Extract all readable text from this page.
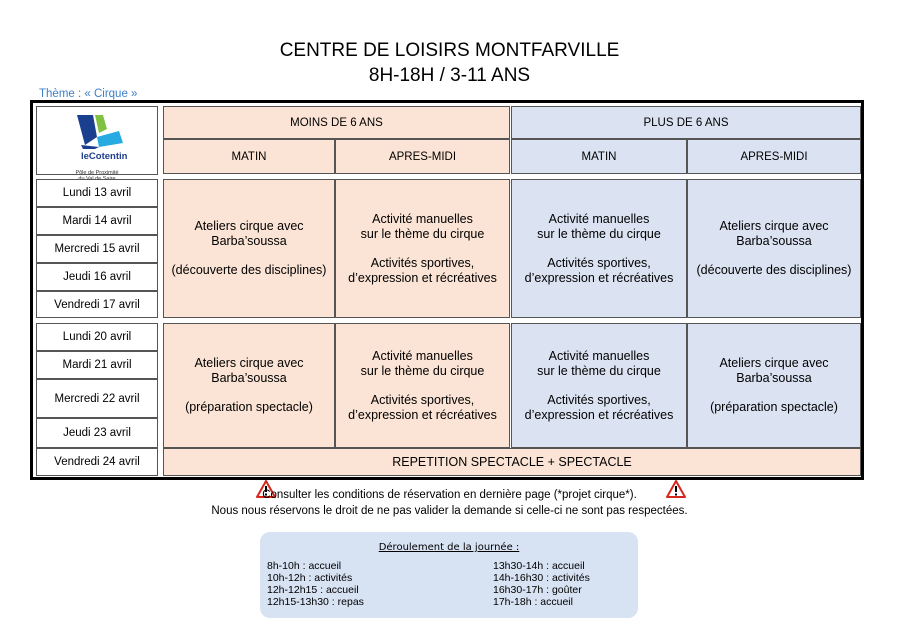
CENTRE DE LOISIRS MONTFARVILLE
8H-18H / 3-11 ANS
Thème : « Cirque »
leCotentin
Pôle de Proximité
MOINS DE 6 ANS
MATIN	APRES-MIDI
PLUS DE 6 ANS
MATIN	APRES-MIDI
Lundi 13 avril
Mardi 14 avril
Mercredi 15 avril
Jeudi 16 avril
Vendredi 17 avril
Ateliers cirque avec
Barba’soussa
(découverte des disciplines)
Activité manuelles
sur le thème du cirque
Activités sportives,
d’expression et récréatives
Activité manuelles
sur le thème du cirque
Activités sportives,
d’expression et récréatives
Ateliers cirque avec
Barba’soussa
(découverte des disciplines)
Lundi 20 avril
Mardi 21 avril
Mercredi 22 avril
Jeudi 23 avril
Vendredi 24 avril
Ateliers cirque avec
Barba’soussa
(préparation spectacle)
Activité manuelles
sur le thème du cirque
Activités sportives,
d’expression et récréatives
Activité manuelles
sur le thème du cirque
Activités sportives,
d’expression et récréatives
Ateliers cirque avec
Barba’soussa
(préparation spectacle)
REPETITION SPECTACLE + SPECTACLE
Consulter les conditions de réservation en dernière page (*projet cirque*).
Nous nous réservons le droit de ne pas valider la demande si celle-ci ne sont pas respectées.
Déroulement de la journée :
8h-10h : accueil
10h-12h : activités
12h-12h15 : accueil
12h15-13h30 : repas
13h30-14h : accueil
14h-16h30 : activités
16h30-17h : goûter
17h-18h : accueil
